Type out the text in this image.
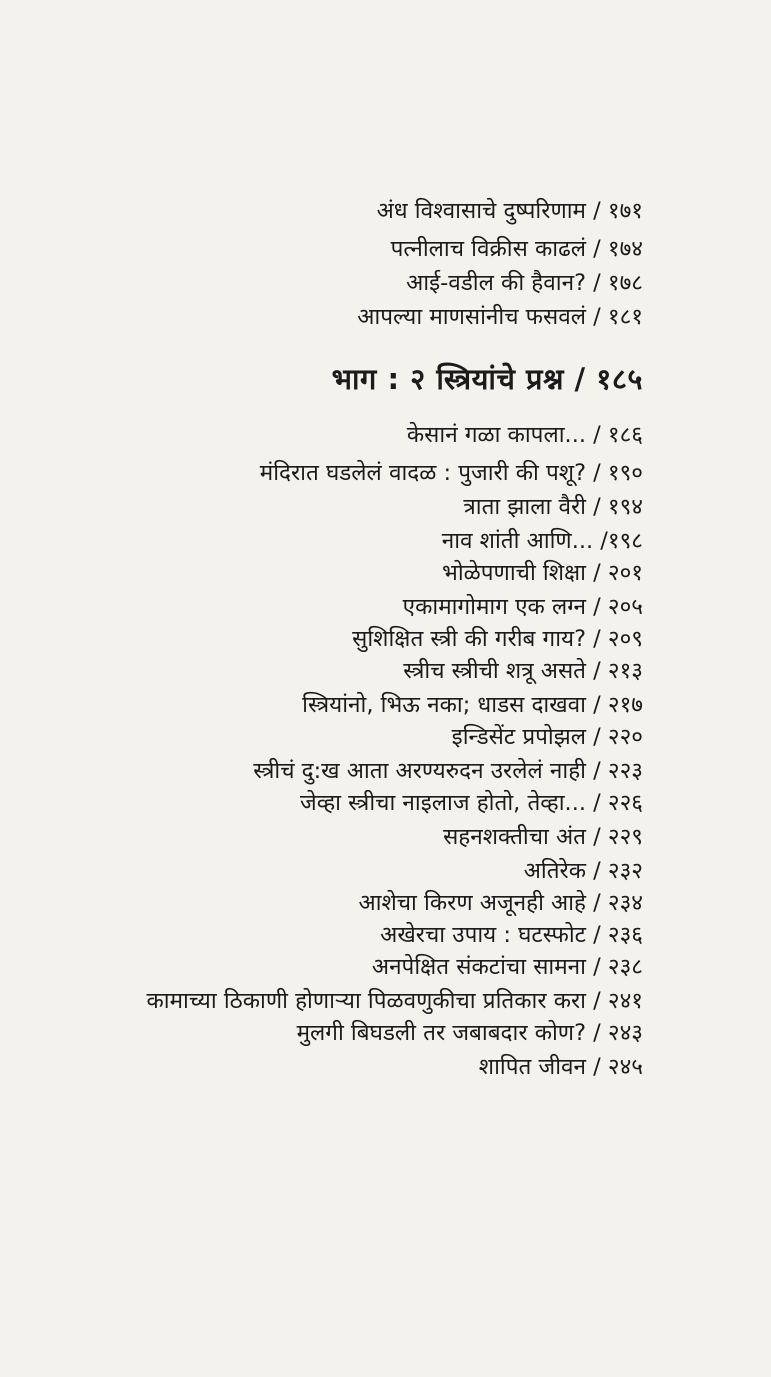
अंध विश्वासाचे दुष्परिणाम / १७१
पत्नीलाच विक्रीस काढलं / १७४
आई-वडील की हैवान? / १७८
आपल्या माणसांनीच फसवलं / १८१
भाग : २ स्त्रियांचे प्रश्न / १८५
केसानं गळा कापला... / १८६
मंदिरात घडलेलं वादळ : पुजारी की पशू? / १९०
त्राता झाला वैरी / १९४
नाव शांती आणि... /१९८
भोळेपणाची शिक्षा / २०१
एकामागोमाग एक लग्न / २०५
सुशिक्षित स्त्री की गरीब गाय? / २०९
स्त्रीच स्त्रीची शत्रू असते / २१३
स्त्रियांनो, भिऊ नका; धाडस दाखवा / २१७
इन्डिसेंट प्रपोझल / २२०
स्त्रीचं दु:ख आता अरण्यरुदन उरलेलं नाही / २२३
जेव्हा स्त्रीचा नाइलाज होतो, तेव्हा... / २२६
सहनशक्तीचा अंत / २२९
अतिरेक / २३२
आशेचा किरण अजूनही आहे / २३४
अखेरचा उपाय : घटस्फोट / २३६
अनपेक्षित संकटांचा सामना / २३८
कामाच्या ठिकाणी होणाऱ्या पिळवणुकीचा प्रतिकार करा / २४१
मुलगी बिघडली तर जबाबदार कोण? / २४३
शापित जीवन / २४५
